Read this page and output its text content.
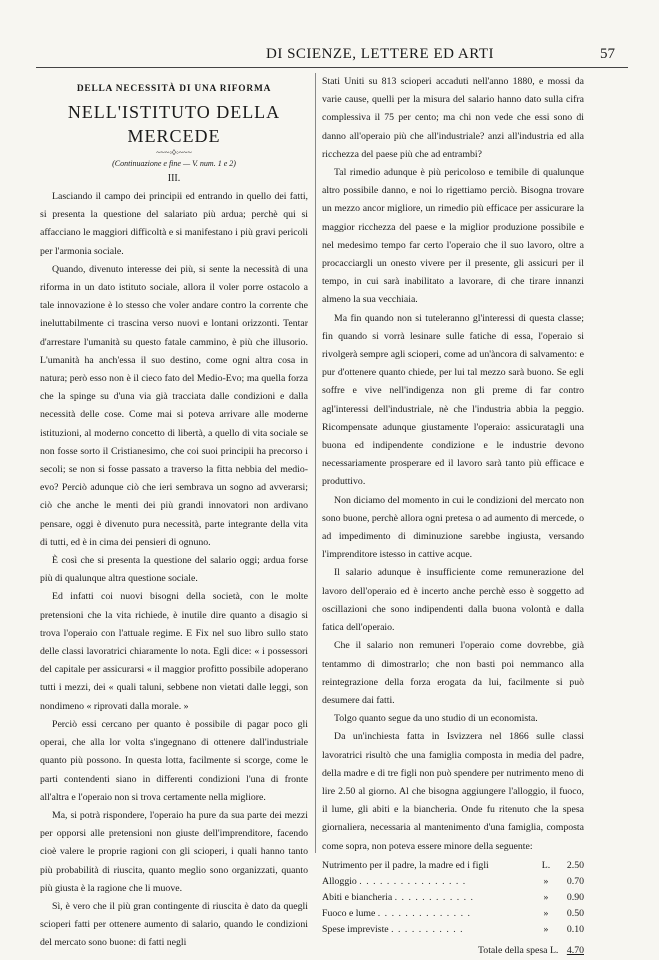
DI SCIENZE, LETTERE ED ARTI	57
DELLA NECESSITÀ DI UNA RIFORMA
NELL'ISTITUTO DELLA MERCEDE
~~~◦◊◦~~~
(Continuazione e fine — V. num. 1 e 2)
III.

Lasciando il campo dei principii ed entrando in quello dei fatti, si presenta la questione del salariato più ardua; perchè qui si affacciano le maggiori difficoltà e si manifestano i più gravi pericoli per l'armonia sociale.

Quando, divenuto interesse dei più, si sente la necessità di una riforma in un dato istituto sociale, allora il voler porre ostacolo a tale innovazione è lo stesso che voler andare contro la corrente che ineluttabilmente ci trascina verso nuovi e lontani orizzonti. Tentar d'arrestare l'umanità su questo fatale cammino, è più che illusorio. L'umanità ha anch'essa il suo destino, come ogni altra cosa in natura; però esso non è il cieco fato del Medio-Evo; ma quella forza che la spinge su d'una via già tracciata dalle condizioni e dalla necessità delle cose. Come mai si poteva arrivare alle moderne istituzioni, al moderno concetto di libertà, a quello di vita sociale se non fosse sorto il Cristianesimo, che coi suoi principii ha precorso i secoli; se non si fosse passato a traverso la fitta nebbia del medio-evo? Perciò adunque ciò che ieri sembrava un sogno ad avverarsi; ciò che anche le menti dei più grandi innovatori non ardivano pensare, oggi è divenuto pura necessità, parte integrante della vita di tutti, ed è in cima dei pensieri di ognuno.

È così che si presenta la questione del salario oggi; ardua forse più di qualunque altra questione sociale.

Ed infatti coi nuovi bisogni della società, con le molte pretensioni che la vita richiede, è inutile dire quanto a disagio si trova l'operaio con l'attuale regime. E Fix nel suo libro sullo stato delle classi lavoratrici chiaramente lo nota. Egli dice: « i possessori del capitale per assicurarsi « il maggior profitto possibile adoperano tutti i mezzi, dei « quali taluni, sebbene non vietati dalle leggi, son nondimeno « riprovati dalla morale. »

Perciò essi cercano per quanto è possibile di pagar poco gli operai, che alla lor volta s'ingegnano di ottenere dall'industriale quanto più possono. In questa lotta, facilmente si scorge, come le parti contendenti siano in differenti condizioni l'una di fronte all'altra e l'operaio non si trova certamente nella migliore.

Ma, si potrà rispondere, l'operaio ha pure da sua parte dei mezzi per opporsi alle pretensioni non giuste dell'imprenditore, facendo cioè valere le proprie ragioni con gli scioperi, i quali hanno tanto più probabilità di riuscita, quanto meglio sono organizzati, quanto più giusta è la ragione che li muove.

Sì, è vero che il più gran contingente di riuscita è dato da quegli scioperi fatti per ottenere aumento di salario, quando le condizioni del mercato sono buone: di fatti negli

Stati Uniti su 813 scioperi accaduti nell'anno 1880, e mossi da varie cause, quelli per la misura del salario hanno dato sulla cifra complessiva il 75 per cento; ma chi non vede che essi sono di danno all'operaio più che all'industriale? anzi all'industria ed alla ricchezza del paese più che ad entrambi?

Tal rimedio adunque è più pericoloso e temibile di qualunque altro possibile danno, e noi lo rigettiamo perciò. Bisogna trovare un mezzo ancor migliore, un rimedio più efficace per assicurare la maggior ricchezza del paese e la miglior produzione possibile e nel medesimo tempo far certo l'operaio che il suo lavoro, oltre a procacciargli un onesto vivere per il presente, gli assicuri per il tempo, in cui sarà inabilitato a lavorare, di che tirare innanzi almeno la sua vecchiaia.

Ma fin quando non si tuteleranno gl'interessi di questa classe; fin quando si vorrà lesinare sulle fatiche di essa, l'operaio si rivolgerà sempre agli scioperi, come ad un'àncora di salvamento: e pur d'ottenere quanto chiede, per lui tal mezzo sarà buono. Se egli soffre e vive nell'indigenza non gli preme di far contro agl'interessi dell'industriale, nè che l'industria abbia la peggio. Ricompensate adunque giustamente l'operaio: assicuratagli una buona ed indipendente condizione e le industrie devono necessariamente prosperare ed il lavoro sarà tanto più efficace e produttivo.

Non diciamo del momento in cui le condizioni del mercato non sono buone, perchè allora ogni pretesa o ad aumento di mercede, o ad impedimento di diminuzione sarebbe ingiusta, versando l'imprenditore istesso in cattive acque.

Il salario adunque è insufficiente come remunerazione del lavoro dell'operaio ed è incerto anche perchè esso è soggetto ad oscillazioni che sono indipendenti dalla buona volontà e dalla fatica dell'operaio.

Che il salario non remuneri l'operaio come dovrebbe, già tentammo di dimostrarlo; che non basti poi nemmanco alla reintegrazione della forza erogata da lui, facilmente si può desumere dai fatti.

Tolgo quanto segue da uno studio di un economista.

Da un'inchiesta fatta in Isvizzera nel 1866 sulle classi lavoratrici risultò che una famiglia composta in media del padre, della madre e di tre figli non può spendere per nutrimento meno di lire 2.50 al giorno. Al che bisogna aggiungere l'alloggio, il fuoco, il lume, gli abiti e la biancheria. Onde fu ritenuto che la spesa giornaliera, necessaria al mantenimento d'una famiglia, composta come sopra, non poteva essere minore della seguente:

Nutrimento per il padre, la madre ed i figli	L.	2.50
Alloggio . . . . . . . . . . . . . . . .	»	0.70
Abiti e biancheria . . . . . . . . . . . .	»	0.90
Fuoco e lume . . . . . . . . . . . . . .	»	0.50
Spese impreviste . . . . . . . . . . .	»	0.10
Totale della spesa L. 4.70
